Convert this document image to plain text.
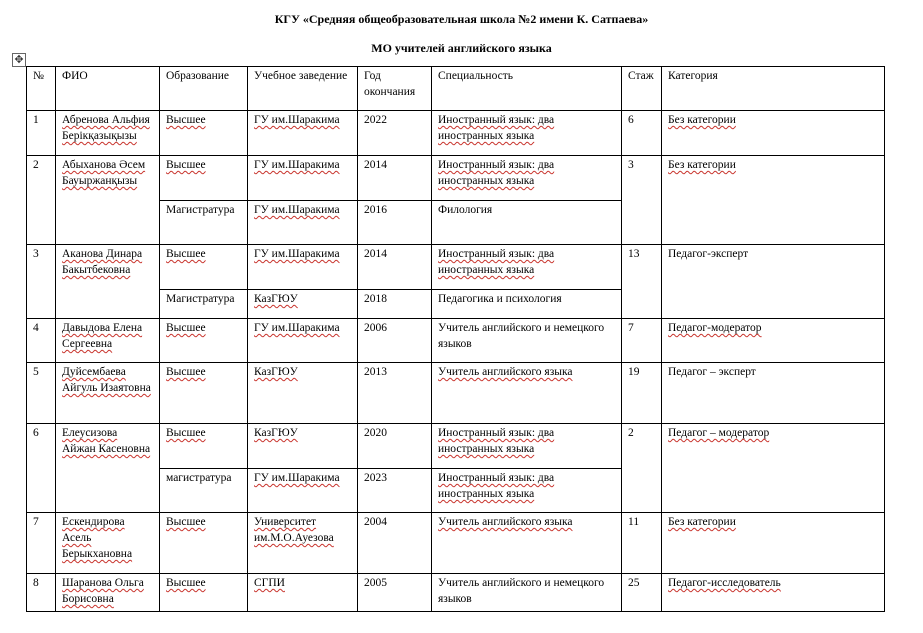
КГУ «Средняя общеобразовательная школа №2 имени К. Сатпаева»
МО учителей английского языка
✥
№	ФИО	Образование	Учебное заведение	Год окончания	Специальность	Стаж	Категория
1	Абренова Альфия Берікқазықызы	Высшее	ГУ им.Шаракима	2022	Иностранный язык: два иностранных языка	6	Без категории
2	Абыханова Әсем Бауыржанқызы	Высшее	ГУ им.Шаракима	2014	Иностранный язык: два иностранных языка	3	Без категории
		Магистратура	ГУ им.Шаракима	2016	Филология		
3	Аканова Динара Бакытбековна	Высшее	ГУ им.Шаракима	2014	Иностранный язык: два иностранных языка	13	Педагог-эксперт
		Магистратура	КазГЮУ	2018	Педагогика и психология		
4	Давыдова Елена Сергеевна	Высшее	ГУ им.Шаракима	2006	Учитель английского и немецкого языков	7	Педагог-модератор
5	Дуйсембаева Айгуль Изаятовна	Высшее	КазГЮУ	2013	Учитель английского языка	19	Педагог – эксперт
6	Елеусизова Айжан Касеновна	Высшее	КазГЮУ	2020	Иностранный язык: два иностранных языка	2	Педагог – модератор
		магистратура	ГУ им.Шаракима	2023	Иностранный язык: два иностранных языка		
7	Ескендирова Асель Берыкхановна	Высшее	Университет им.М.О.Ауезова	2004	Учитель английского языка	11	Без категории
8	Шаранова Ольга Борисовна	Высшее	СГПИ	2005	Учитель английского и немецкого языков	25	Педагог-исследователь
